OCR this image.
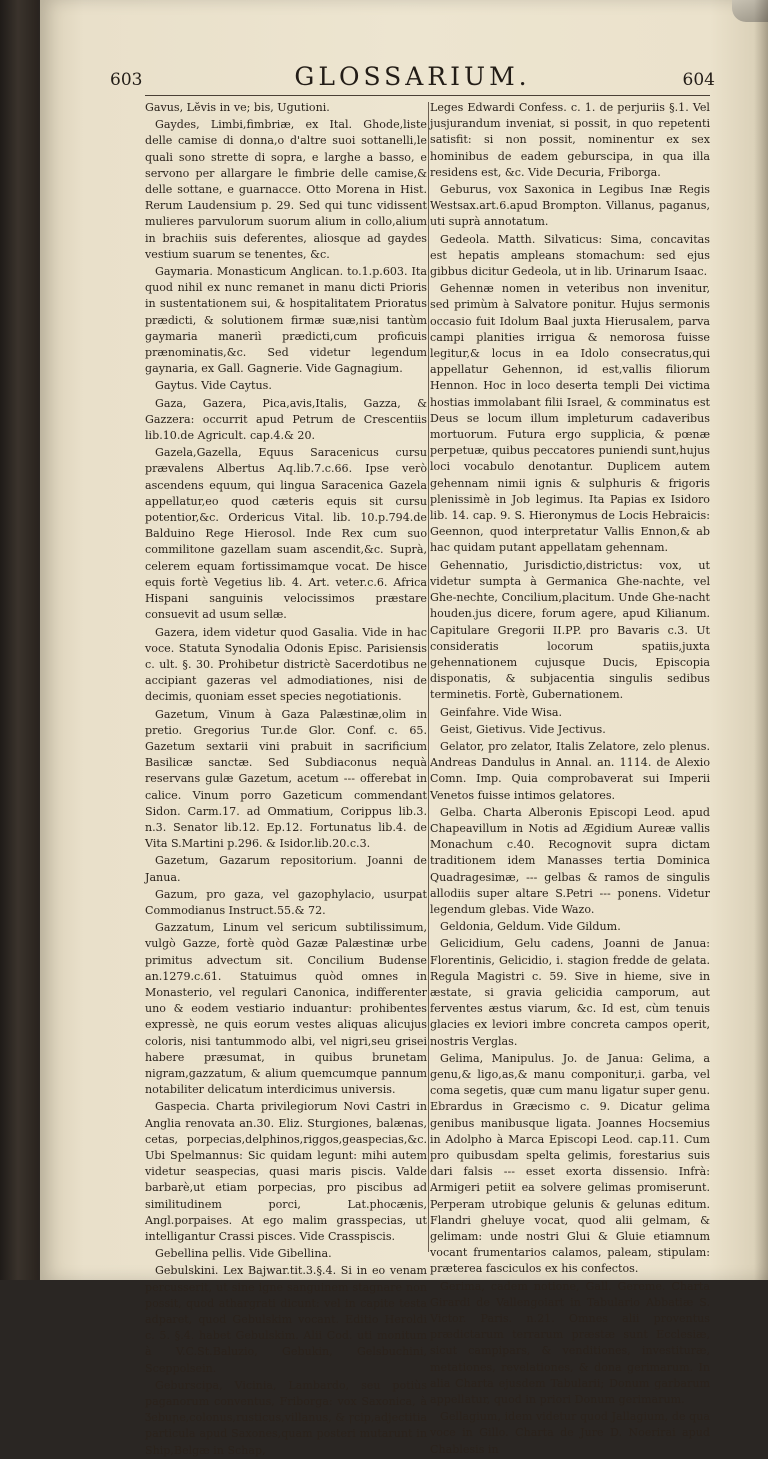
603	GLOSSARIUM.	604

Gavus, Lĕvis in ve; bis, Ugutioni.

Gaydes, Limbi,fimbriæ, ex Ital. Ghode,liste delle camise di donna,o d'altre suoi sottanelli,le quali sono strette di sopra, e larghe a basso, e servono per allargare le fimbrie delle camise,& delle sottane, e guarnacce. Otto Morena in Hist. Rerum Laudensium p. 29. Sed qui tunc vidissent mulieres parvulorum suorum alium in collo,alium in brachiis suis deferentes, aliosque ad gaydes vestium suarum se tenentes, &c.

Gaymaria. Monasticum Anglican. to.1.p.603. Ita quod nihil ex nunc remanet in manu dicti Prioris in sustentationem sui, & hospitalitatem Prioratus prædicti, & solutionem firmæ suæ,nisi tantùm gaymaria maneriì prædicti,cum proficuis prænominatis,&c. Sed videtur legendum gaynaria, ex Gall. Gagnerie. Vide Gagnagium.

Gaytus. Vide Caytus.

Gaza, Gazera, Pica,avis,Italis, Gazza, & Gazzera: occurrit apud Petrum de Crescentiis lib.10.de Agricult. cap.4.& 20.

Gazela,Gazella, Equus Saracenicus cursu prævalens Albertus Aq.lib.7.c.66. Ipse verò ascendens equum, qui lingua Saracenica Gazela appellatur,eo quod cæteris equis sit cursu potentior,&c. Ordericus Vital. lib. 10.p.794.de Balduino Rege Hierosol. Inde Rex cum suo commilitone gazellam suam ascendit,&c. Suprà, celerem equam fortissimamque vocat. De hisce equis fortè Vegetius lib. 4. Art. veter.c.6. Africa Hispani sanguinis velocissimos præstare consuevit ad usum sellæ.

Gazera, idem videtur quod Gasalia. Vide in hac voce. Statuta Synodalia Odonis Episc. Parisiensis c. ult. §. 30. Prohibetur districtè Sacerdotibus ne accipiant gazeras vel admodiationes, nisi de decimis, quoniam esset species negotiationis.

Gazetum, Vinum à Gaza Palæstinæ,olim in pretio. Gregorius Tur.de Glor. Conf. c. 65. Gazetum sextarii vini prabuit in sacrificium Basilicæ sanctæ. Sed Subdiaconus nequà reservans gulæ Gazetum, acetum --- offerebat in calice. Vinum porro Gazeticum commendant Sidon. Carm.17. ad Ommatium, Corippus lib.3. n.3. Senator lib.12. Ep.12. Fortunatus lib.4. de Vita S.Martini p.296. & Isidor.lib.20.c.3.

Gazetum, Gazarum repositorium. Joanni de Janua.

Gazum, pro gaza, vel gazophylacio, usurpat Commodianus Instruct.55.& 72.

Gazzatum, Linum vel sericum subtilissimum, vulgò Gazze, fortè quòd Gazæ Palæstinæ urbe primitus advectum sit. Concilium Budense an.1279.c.61. Statuimus quòd omnes in Monasterio, vel regulari Canonica, indifferenter uno & eodem vestiario induantur: prohibentes expressè, ne quis eorum vestes aliquas alicujus coloris, nisi tantummodo albi, vel nigri,seu grisei habere præsumat, in quibus brunetam nigram,gazzatum, & alium quemcumque pannum notabiliter delicatum interdicimus universis.

Gaspecia. Charta privilegiorum Novi Castri in Anglia renovata an.30. Eliz. Sturgiones, balænas, cetas, porpecias,delphinos,riggos,geaspecias,&c. Ubi Spelmannus: Sic quidam legunt: mihi autem videtur seaspecias, quasi maris piscis. Valde barbarè,ut etiam porpecias, pro piscibus ad similitudinem porci, Lat.phocænis, Angl.porpaises. At ego malim grasspecias, ut intelligantur Crassi pisces. Vide Crasspiscis.

Gebellina pellis. Vide Gibellina.

Gebulskini. Lex Bajwar.tit.3.§.4. Si in eo venam percusserit, ut sine igne sanguinem stagnare non possit, quod athargrati dicunt: vel in capite testa adparet, quod Gebulskim vocant. Editio Heroldi c. 5. §.4. habet Gebulskim. Alii Cod. uti monitum à V.C.St.Baluzio, Gebukin, Gelsbuchini, Sceppolsein.

Geburscipa, Vicinia, Lambardo, seu potiùs paganorum conventus, Friborga: vox Saxonica, à Ʒebuꞃe,colonus,rusticus,villanus, & ꞅcip,adjectitia particula apud Saxones,quam posteri mutarunt in Ship,Belgæ in Schap,

Leges Edwardi Confess. c. 1. de perjuriis §.1. Vel jusjurandum inveniat, si possit, in quo repetenti satisfit: si non possit, nominentur ex sex hominibus de eadem geburscipa, in qua illa residens est, &c. Vide Decuria, Friborga.

Geburus, vox Saxonica in Legibus Inæ Regis Westsax.art.6.apud Brompton. Villanus, paganus, uti suprà annotatum.

Gedeola. Matth. Silvaticus: Sima, concavitas est hepatis ampleans stomachum: sed ejus gibbus dicitur Gedeola, ut in lib. Urinarum Isaac.

Gehennæ nomen in veteribus non invenitur, sed primùm à Salvatore ponitur. Hujus sermonis occasio fuit Idolum Baal juxta Hierusalem, parva campi planities irrigua & nemorosa fuisse legitur,& locus in ea Idolo consecratus,qui appellatur Gehennon, id est,vallis filiorum Hennon. Hoc in loco deserta templi Dei victima hostias immolabant filii Israel, & comminatus est Deus se locum illum impleturum cadaveribus mortuorum. Futura ergo supplicia, & pœnæ perpetuæ, quibus peccatores puniendi sunt,hujus loci vocabulo denotantur. Duplicem autem gehennam nimii ignis & sulphuris & frigoris plenissimè in Job legimus. Ita Papias ex Isidoro lib. 14. cap. 9. S. Hieronymus de Locis Hebraicis: Geennon, quod interpretatur Vallis Ennon,& ab hac quidam putant appellatam gehennam.

Gehennatio, Jurisdictio,districtus: vox, ut videtur sumpta à Germanica Ghe-nachte, vel Ghe-nechte, Concilium,placitum. Unde Ghe-nacht houden.jus dicere, forum agere, apud Kilianum. Capitulare Gregorii II.PP. pro Bavaris c.3. Ut consideratis locorum spatiis,juxta gehennationem cujusque Ducis, Episcopia disponatis, & subjacentia singulis sedibus terminetis. Fortè, Gubernationem.

Geinfahre. Vide Wisa.

Geist, Gietivus. Vide Jectivus.

Gelator, pro zelator, Italis Zelatore, zelo plenus. Andreas Dandulus in Annal. an. 1114. de Alexio Comn. Imp. Quia comprobaverat sui Imperii Venetos fuisse intimos gelatores.

Gelba. Charta Alberonis Episcopi Leod. apud Chapeavillum in Notis ad Ægidium Aureæ vallis Monachum c.40. Recognovit supra dictam traditionem idem Manasses tertia Dominica Quadragesimæ, --- gelbas & ramos de singulis allodiis super altare S.Petri --- ponens. Videtur legendum glebas. Vide Wazo.

Geldonia, Geldum. Vide Gildum.

Gelicidium, Gelu cadens, Joanni de Janua: Florentinis, Gelicidio, i. stagion fredde de gelata. Regula Magistri c. 59. Sive in hieme, sive in æstate, si gravia gelicidia camporum, aut ferventes æstus viarum, &c. Id est, cùm tenuis glacies ex leviori imbre concreta campos operit, nostris Verglas.

Gelima, Manipulus. Jo. de Janua: Gelima, a genu,& ligo,as,& manu componitur,i. garba, vel coma segetis, quæ cum manu ligatur super genu. Ebrardus in Græcismo c. 9. Dicatur gelima genibus manibusque ligata. Joannes Hocsemius in Adolpho à Marca Episcopi Leod. cap.11. Cum pro quibusdam spelta gelimis, forestarius suis dari falsis --- esset exorta dissensio. Infrà: Armigeri petiit ea solvere gelimas promiserunt. Perperam utrobique gelunis & gelunas editum. Flandri gheluye vocat, quod alii gelmam, & gelimam: unde nostri Glui & Gluie etiamnum vocant frumentarios calamos, paleam, stipulam: præterea fasciculos ex his confectos.

Gerima, cadem notione, Gall. Gereme. Charta Girardi de Vallengoiart in Tabulario Abbatiæ S. Victor. Paris. n.21. Omnes alii proventus prædictarum terrarum præstæ sunt Ecclesiæ, sicut campipars, & venditiones, investituræ, metationes, revelationes, & dona gerimarum. In alia Charta ejusdem Tabularii; Donum garbarum appellatur, quod in priori Donum gerimarum.

Gellagium, idem videtur quod Jallagium, de qua voce in Gillo. Charta de Jure D. Noerirai apud Chablesis in
